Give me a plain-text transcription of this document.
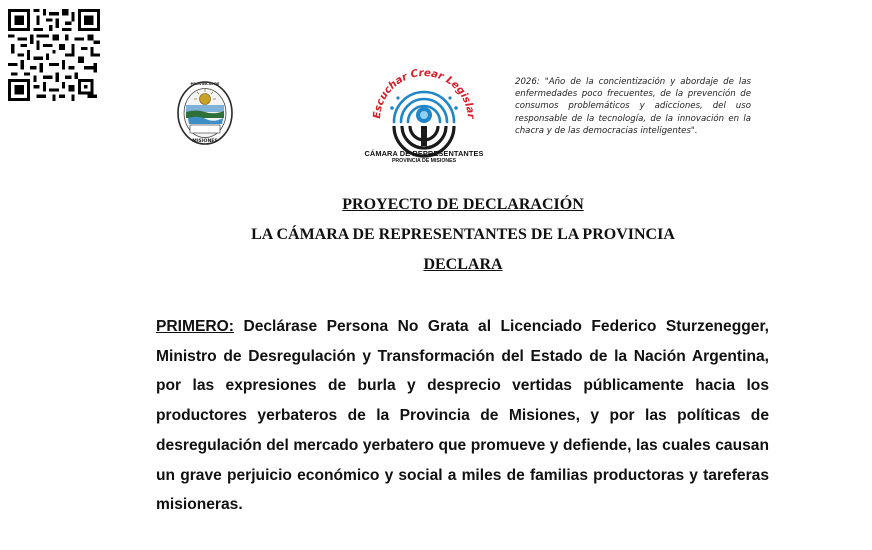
PROVINCIA DE
MISIONES
Escuchar Crear Legislar
CÁMARA DE REPRESENTANTES
PROVINCIA DE MISIONES
2026: "Año de la concientización y abordaje de las enfermedades poco frecuentes, de la prevención de consumos problemáticos y adicciones, del uso responsable de la tecnología, de la innovación en la chacra y de las democracias inteligentes".
PROYECTO DE DECLARACIÓN
LA CÁMARA DE REPRESENTANTES DE LA PROVINCIA
DECLARA
PRIMERO: Declárase Persona No Grata al Licenciado Federico Sturzenegger, Ministro de Desregulación y Transformación del Estado de la Nación Argentina, por las expresiones de burla y desprecio vertidas públicamente hacia los productores yerbateros de la Provincia de Misiones, y por las políticas de desregulación del mercado yerbatero que promueve y defiende, las cuales causan un grave perjuicio económico y social a miles de familias productoras y tareferas misioneras.
